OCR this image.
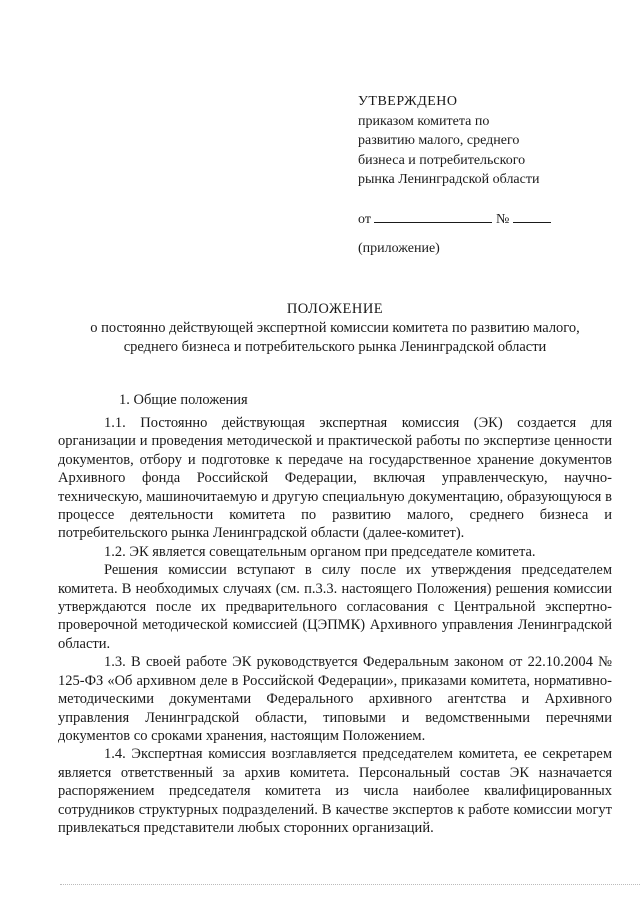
УТВЕРЖДЕНО
приказом комитета по
развитию малого, среднего
бизнеса и потребительского
рынка Ленинградской области
от	№
(приложение)
ПОЛОЖЕНИЕ
о постоянно действующей экспертной комиссии комитета по развитию малого,
среднего бизнеса и потребительского рынка Ленинградской области
1. Общие положения

1.1. Постоянно действующая экспертная комиссия (ЭК) создается для организации и проведения методической и практической работы по экспертизе ценности документов, отбору и подготовке к передаче на государственное хранение документов Архивного фонда Российской Федерации, включая управленческую, научно-техническую, машиночитаемую и другую специальную документацию, образующуюся в процессе деятельности комитета по развитию малого, среднего бизнеса и потребительского рынка Ленинградской области (далее-комитет).

1.2. ЭК является совещательным органом при председателе комитета.

Решения комиссии вступают в силу после их утверждения председателем комитета. В необходимых случаях (см. п.3.3. настоящего Положения) решения комиссии утверждаются после их предварительного согласования с Центральной экспертно-проверочной методической комиссией (ЦЭПМК) Архивного управления Ленинградской области.

1.3. В своей работе ЭК руководствуется Федеральным законом от 22.10.2004 № 125-ФЗ «Об архивном деле в Российской Федерации», приказами комитета, нормативно-методическими документами Федерального архивного агентства и Архивного управления Ленинградской области, типовыми и ведомственными перечнями документов со сроками хранения, настоящим Положением.

1.4. Экспертная комиссия возглавляется председателем комитета, ее секретарем является ответственный за архив комитета. Персональный состав ЭК назначается распоряжением председателя комитета из числа наиболее квалифицированных сотрудников структурных подразделений. В качестве экспертов к работе комиссии могут привлекаться представители любых сторонних организаций.
